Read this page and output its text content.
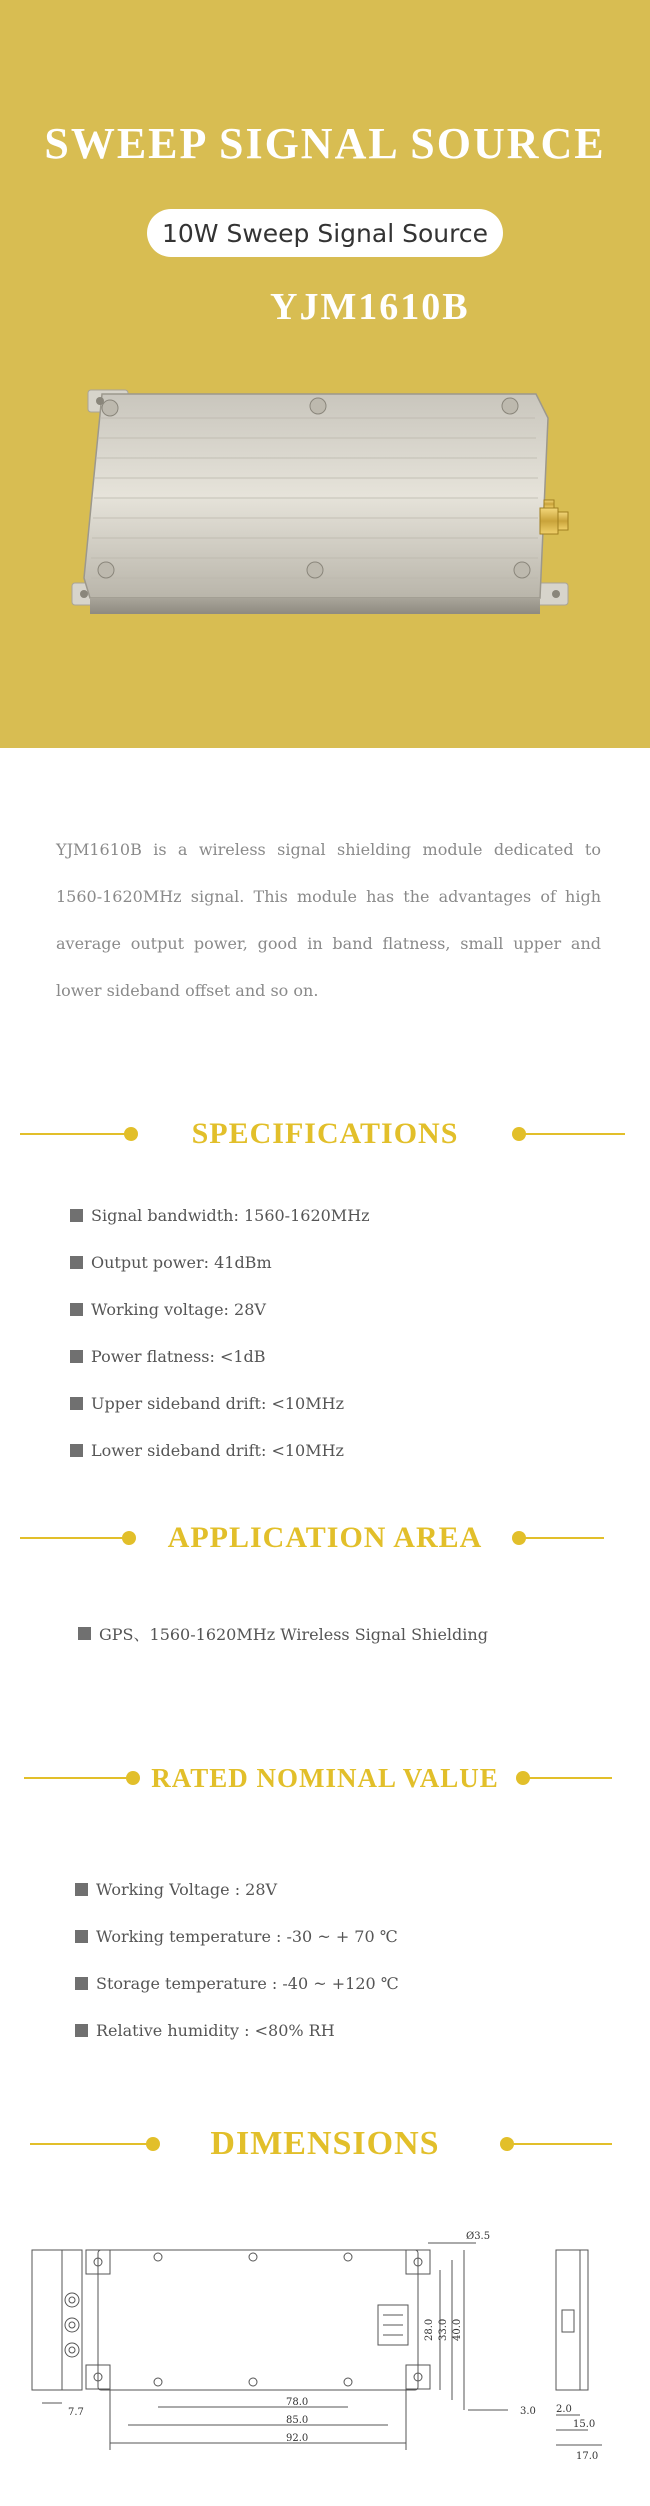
SWEEP SIGNAL SOURCE
10W Sweep Signal Source
YJM1610B

YJM1610B is a wireless signal shielding module dedicated to 1560-1620MHz signal. This module has the advantages of high average output power, good in band flatness, small upper and lower sideband offset and so on.

SPECIFICATIONS
Signal bandwidth: 1560-1620MHz
Output power: 41dBm
Working voltage: 28V
Power flatness: <1dB
Upper sideband drift: <10MHz
Lower sideband drift: <10MHz
APPLICATION AREA
GPS、1560-1620MHz Wireless Signal Shielding
RATED NOMINAL VALUE
Working Voltage : 28V
Working temperature : -30 ~ + 70 ℃
Storage temperature : -40 ~ +120 ℃
Relative humidity : <80% RH
DIMENSIONS
Ø3.5
28.0 33.0 40.0
3.0
78.0
85.0
92.0
7.7	2.0
15.0
17.0
